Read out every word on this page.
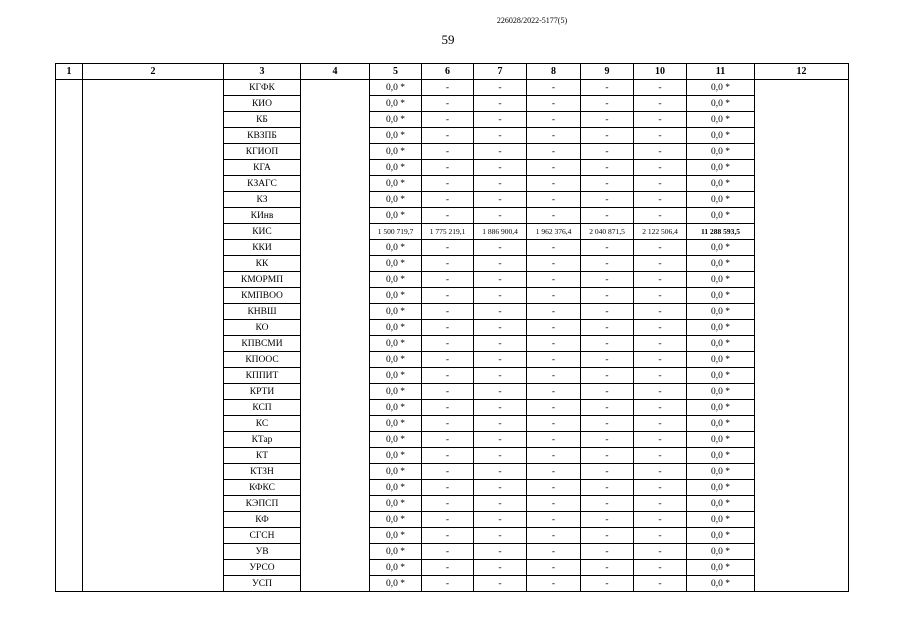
226028/2022-5177(5)
59
1	2	3	4	5	6	7	8	9	10	11	12
		КГФК		0,0 *	-	-	-	-	-	0,0 *	
		КИО		0,0 *	-	-	-	-	-	0,0 *	
		КБ		0,0 *	-	-	-	-	-	0,0 *	
		КВЗПБ		0,0 *	-	-	-	-	-	0,0 *	
		КГИОП		0,0 *	-	-	-	-	-	0,0 *	
		КГА		0,0 *	-	-	-	-	-	0,0 *	
		КЗАГС		0,0 *	-	-	-	-	-	0,0 *	
		КЗ		0,0 *	-	-	-	-	-	0,0 *	
		КИнв		0,0 *	-	-	-	-	-	0,0 *	
		КИС		1 500 719,7	1 775 219,1	1 886 900,4	1 962 376,4	2 040 871,5	2 122 506,4	11 288 593,5	
		ККИ		0,0 *	-	-	-	-	-	0,0 *	
		КК		0,0 *	-	-	-	-	-	0,0 *	
		КМОРМП		0,0 *	-	-	-	-	-	0,0 *	
		КМПВОО		0,0 *	-	-	-	-	-	0,0 *	
		КНВШ		0,0 *	-	-	-	-	-	0,0 *	
		КО		0,0 *	-	-	-	-	-	0,0 *	
		КПВСМИ		0,0 *	-	-	-	-	-	0,0 *	
		КПООС		0,0 *	-	-	-	-	-	0,0 *	
		КППИТ		0,0 *	-	-	-	-	-	0,0 *	
		КРТИ		0,0 *	-	-	-	-	-	0,0 *	
		КСП		0,0 *	-	-	-	-	-	0,0 *	
		КС		0,0 *	-	-	-	-	-	0,0 *	
		КТар		0,0 *	-	-	-	-	-	0,0 *	
		КТ		0,0 *	-	-	-	-	-	0,0 *	
		КТЗН		0,0 *	-	-	-	-	-	0,0 *	
		КФКС		0,0 *	-	-	-	-	-	0,0 *	
		КЭПСП		0,0 *	-	-	-	-	-	0,0 *	
		КФ		0,0 *	-	-	-	-	-	0,0 *	
		СГСН		0,0 *	-	-	-	-	-	0,0 *	
		УВ		0,0 *	-	-	-	-	-	0,0 *	
		УРСО		0,0 *	-	-	-	-	-	0,0 *	
		УСП		0,0 *	-	-	-	-	-	0,0 *	
